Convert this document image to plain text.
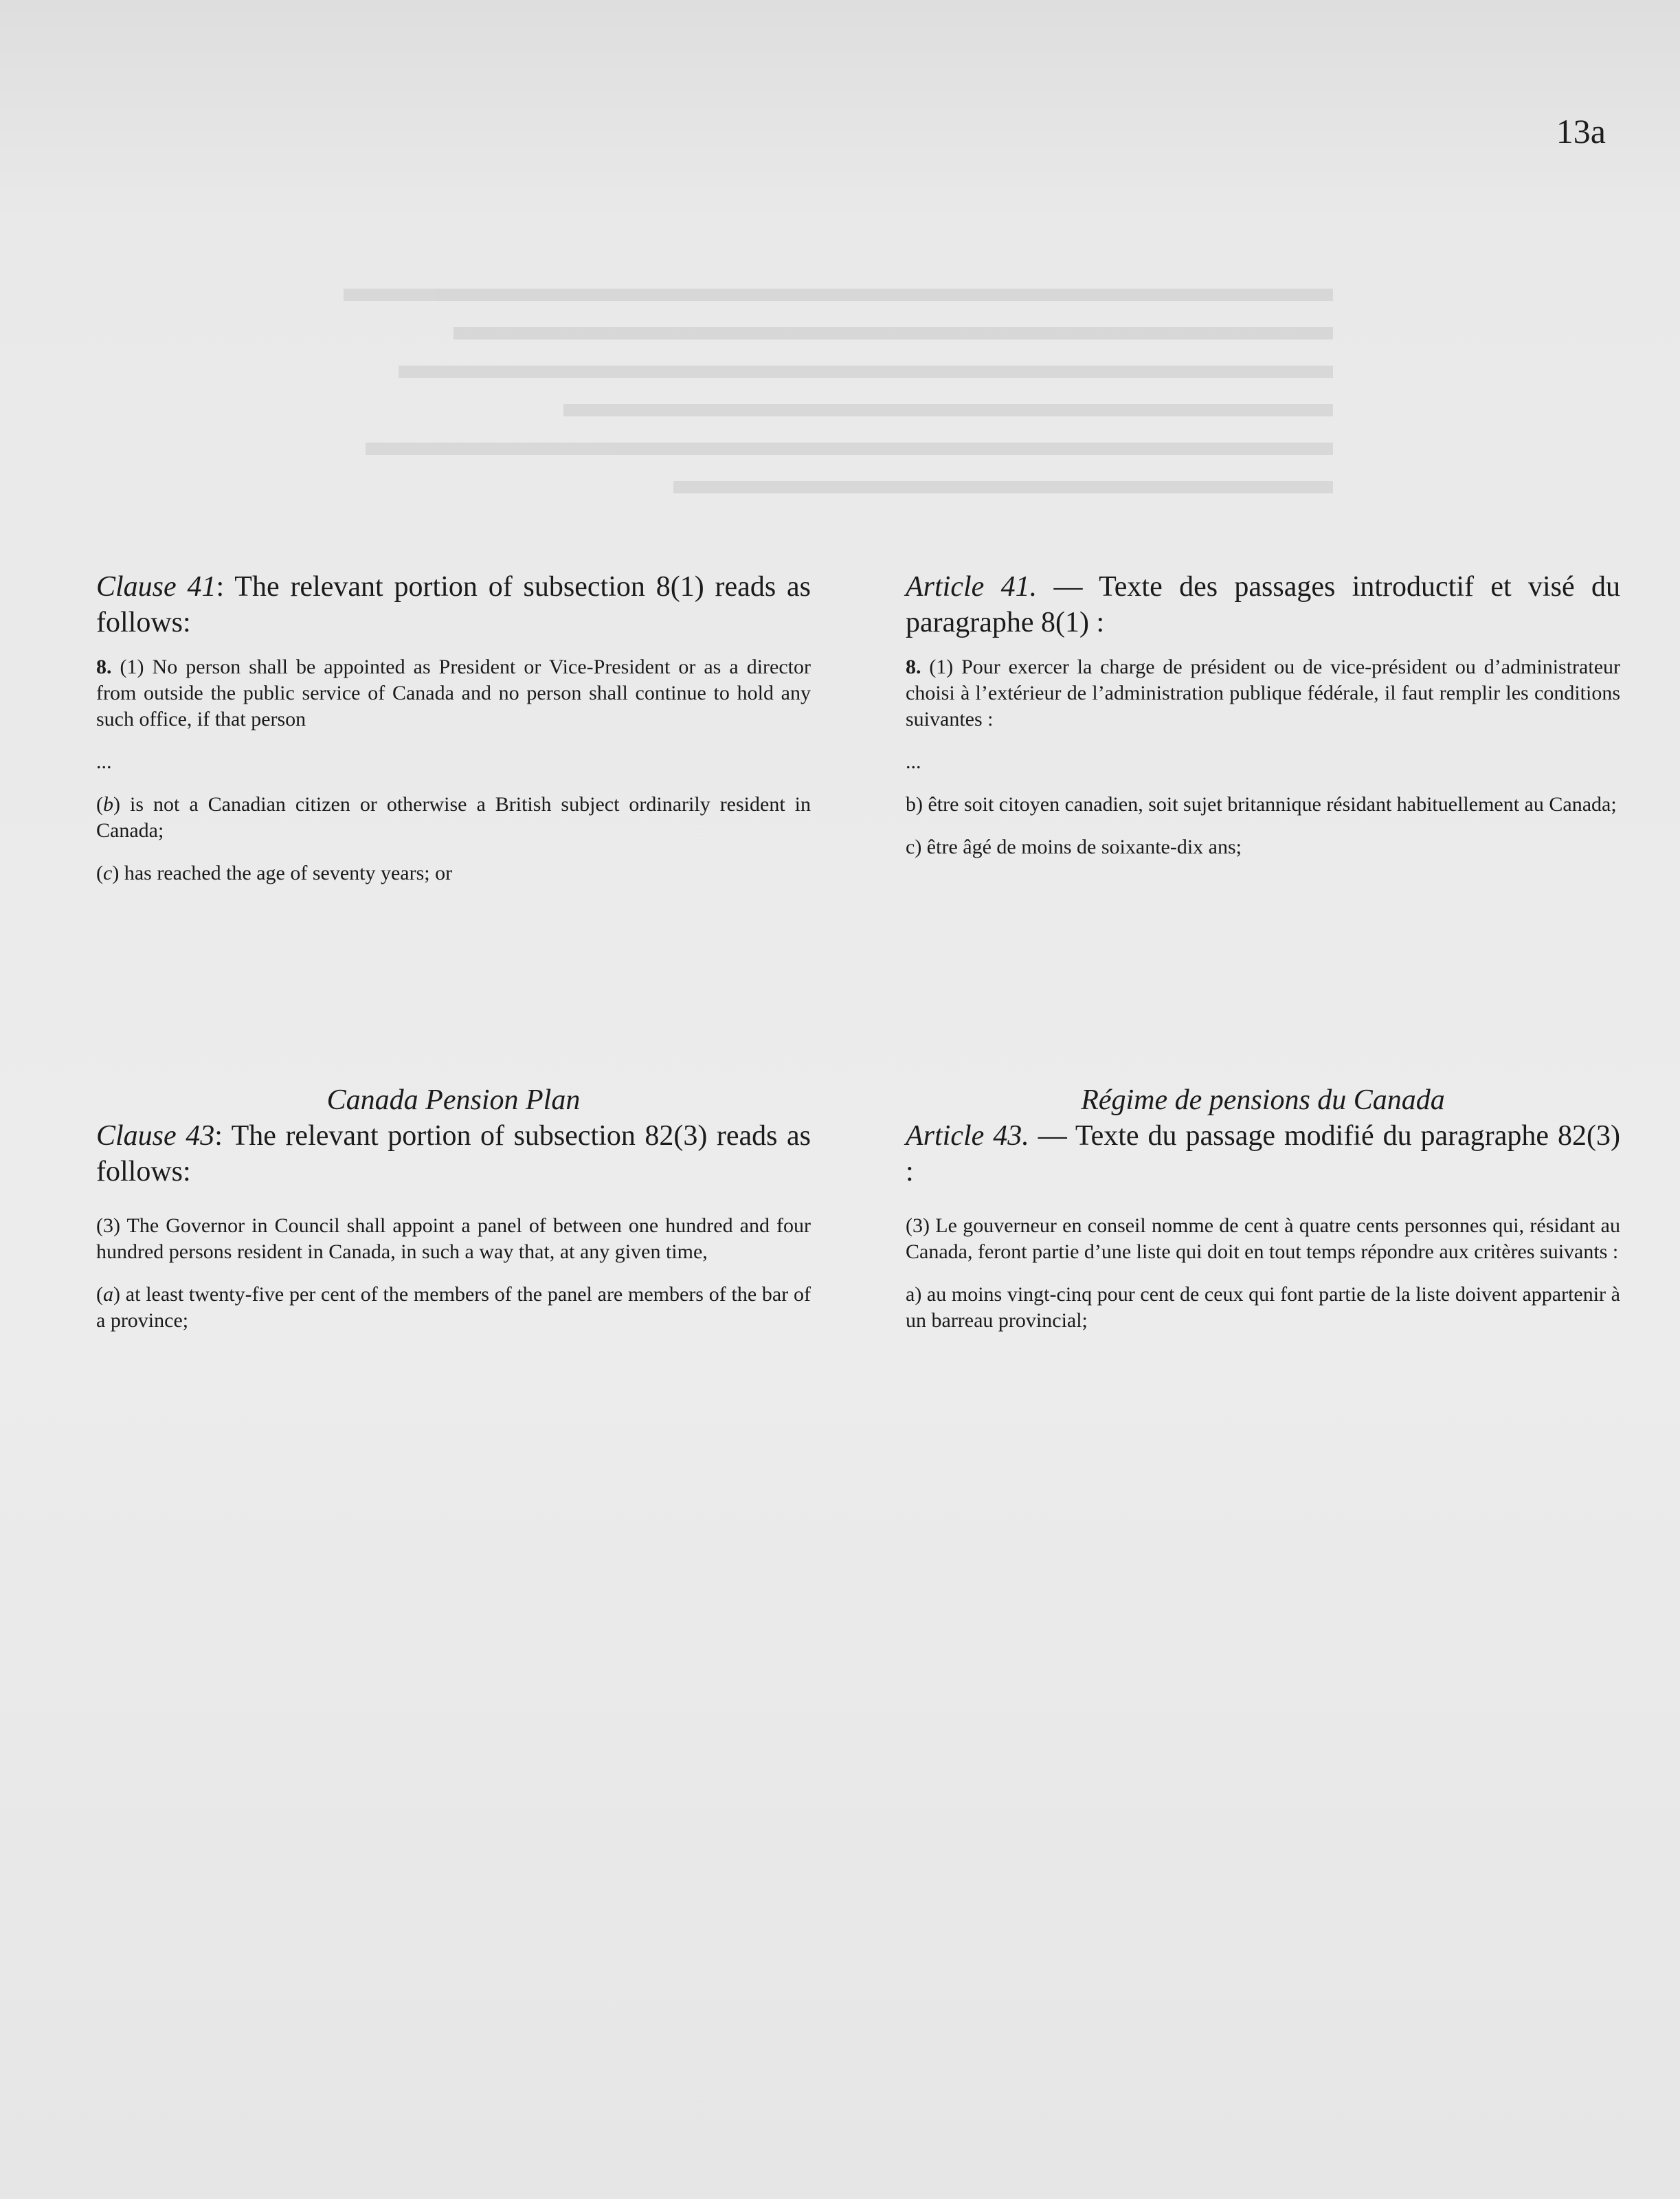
13a
Clause 41: The relevant portion of subsection 8(1) reads as follows:
8. (1) No person shall be appointed as President or Vice-President or as a director from outside the public service of Canada and no person shall continue to hold any such office, if that person
...
(b) is not a Canadian citizen or otherwise a British subject ordinarily resident in Canada;
(c) has reached the age of seventy years; or
Article 41. — Texte des passages introductif et visé du paragraphe 8(1) :
8. (1) Pour exercer la charge de président ou de vice-président ou d’administrateur choisi à l’extérieur de l’administration publique fédérale, il faut remplir les conditions suivantes :
...
b) être soit citoyen canadien, soit sujet britannique résidant habituellement au Canada;
c) être âgé de moins de soixante-dix ans;
Canada Pension Plan
Clause 43: The relevant portion of subsection 82(3) reads as follows:
(3) The Governor in Council shall appoint a panel of between one hundred and four hundred persons resident in Canada, in such a way that, at any given time,
(a) at least twenty-five per cent of the members of the panel are members of the bar of a province;
Régime de pensions du Canada
Article 43. — Texte du passage modifié du paragraphe 82(3) :
(3) Le gouverneur en conseil nomme de cent à quatre cents personnes qui, résidant au Canada, feront partie d’une liste qui doit en tout temps répondre aux critères suivants :
a) au moins vingt-cinq pour cent de ceux qui font partie de la liste doivent appartenir à un barreau provincial;
